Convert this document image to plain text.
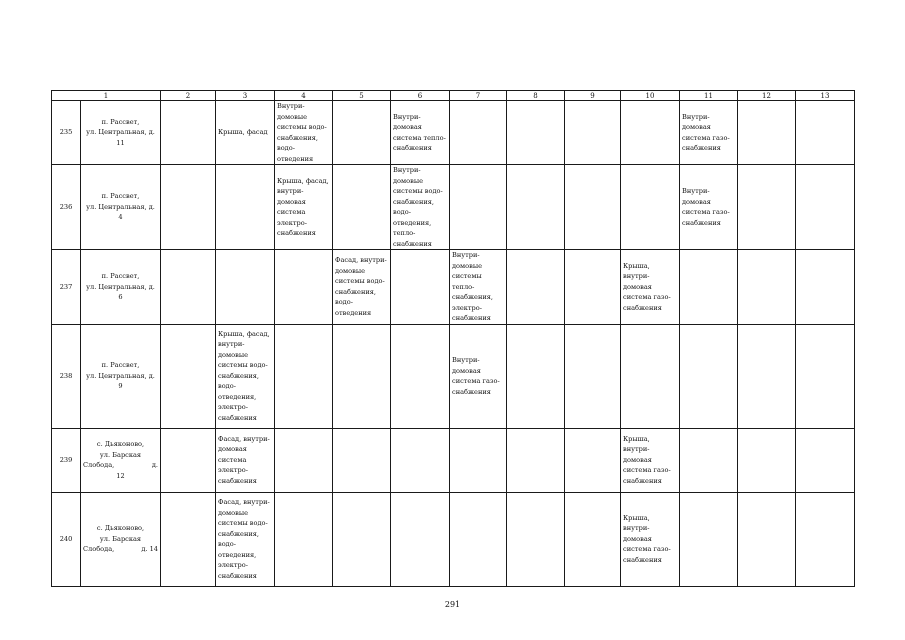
1		2	3	4	5	6	7	8	9	10	11	12	13
235	п. Рассвет,
ул. Центральная, д.
11		Крыша, фасад	Внутри-домовые системы водо-снабжения, водо-отведения		Внутри-домовая система тепло-снабжения					Внутри-домовая система газо-снабжения		
236	п. Рассвет,
ул. Центральная, д.
4			Крыша, фасад, внутри-домовая система электро-снабжения		Внутри-домовые системы водо-снабжения, водо-отведения, тепло-снабжения					Внутри-домовая система газо-снабжения		
237	п. Рассвет,
ул. Центральная, д.
6				Фасад, внутри-домовые системы водо-снабжения, водо-отведения		Внутри-домовые системы тепло-снабжения, электро-снабжения			Крыша, внутри-домовая система газо-снабжения			
238	п. Рассвет,
ул. Центральная, д.
9		Крыша, фасад, внутри-домовые системы водо-снабжения, водо-отведения, электро-снабжения				Внутри-домовая система газо-снабжения						
239	с. Дьяконово,
ул. Барская
Слобода, д.
12		Фасад, внутри-домовая система электро-снабжения							Крыша, внутри-домовая система газо-снабжения			
240	с. Дьяконово,
ул. Барская
Слобода, д. 14		Фасад, внутри-домовые системы водо-снабжения, водо-отведения, электро-снабжения							Крыша, внутри-домовая система газо-снабжения			
291
